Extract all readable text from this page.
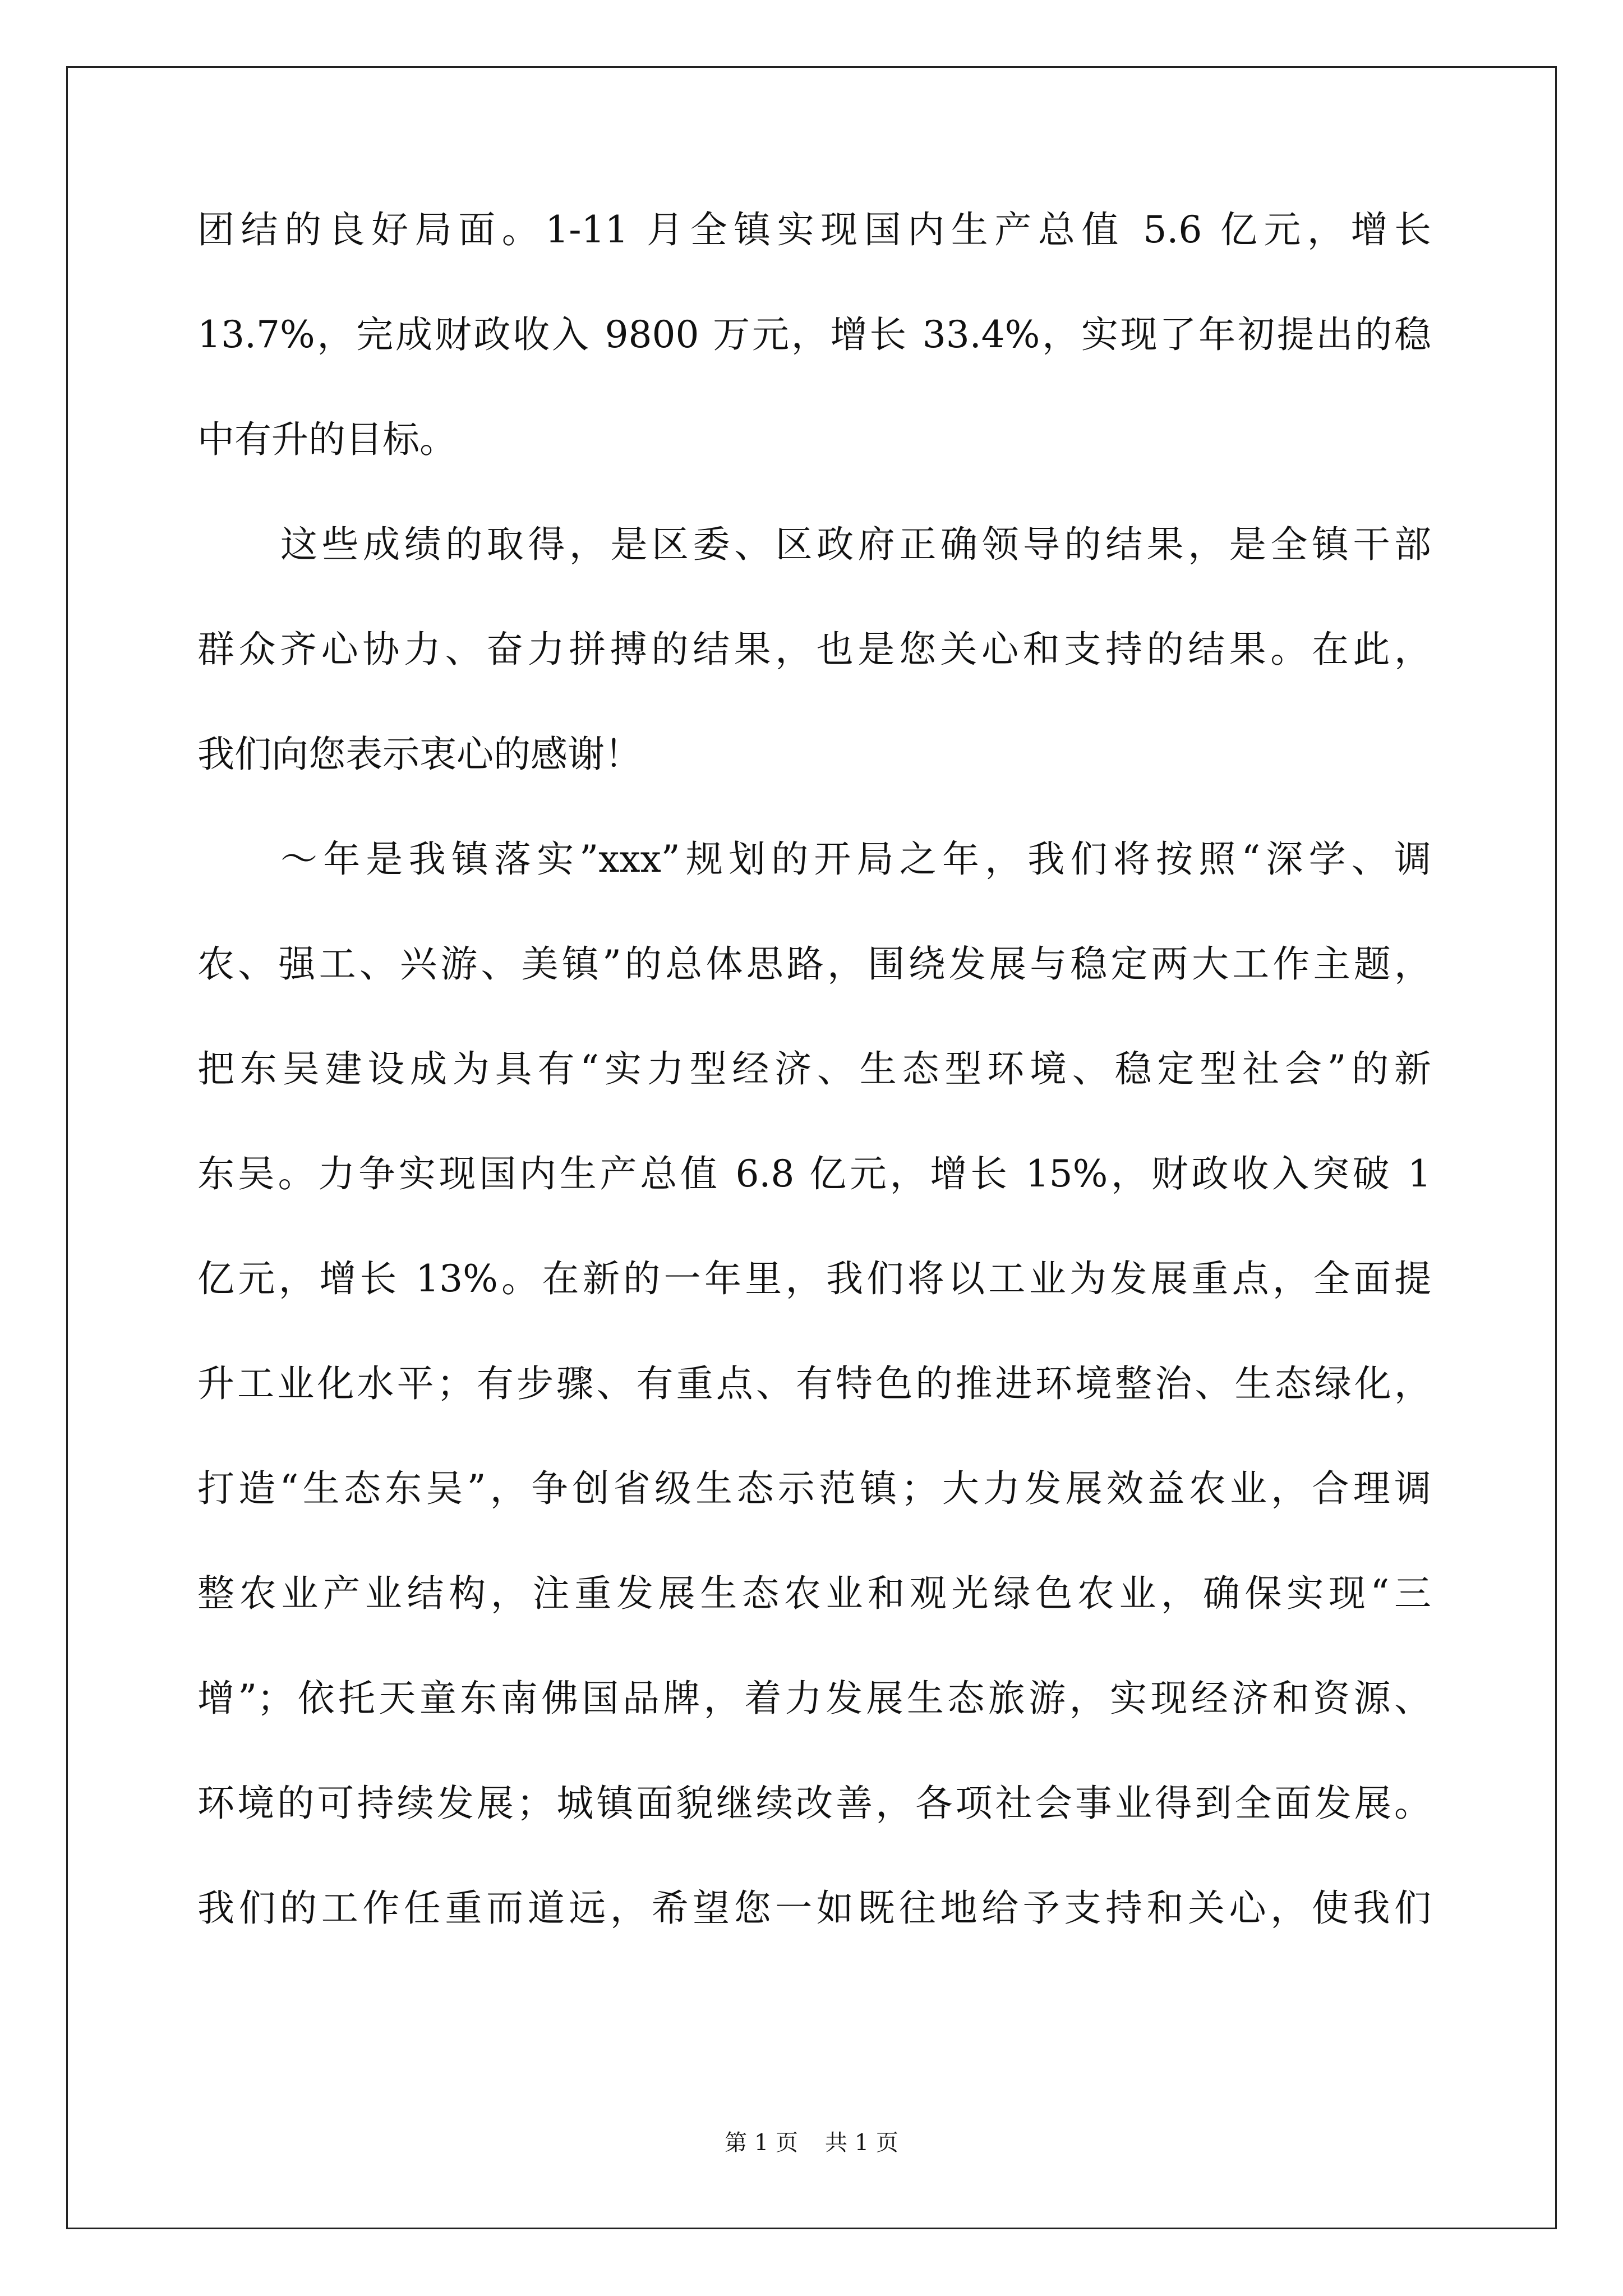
团结的良好局面。1-11 月全镇实现国内生产总值 5.6 亿元，增长
13.7%，完成财政收入 9800 万元，增长 33.4%，实现了年初提出的稳
中有升的目标。
这些成绩的取得，是区委、区政府正确领导的结果，是全镇干部
群众齐心协力、奋力拼搏的结果，也是您关心和支持的结果。在此，
我们向您表示衷心的感谢！
～年是我镇落实”xxx”规划的开局之年，我们将按照“深学、调
农、强工、兴游、美镇”的总体思路，围绕发展与稳定两大工作主题，
把东吴建设成为具有“实力型经济、生态型环境、稳定型社会”的新
东吴。力争实现国内生产总值 6.8 亿元，增长 15%，财政收入突破 1
亿元，增长 13%。在新的一年里，我们将以工业为发展重点，全面提
升工业化水平；有步骤、有重点、有特色的推进环境整治、生态绿化，
打造“生态东吴”，争创省级生态示范镇；大力发展效益农业，合理调
整农业产业结构，注重发展生态农业和观光绿色农业，确保实现“三
增”；依托天童东南佛国品牌，着力发展生态旅游，实现经济和资源、
环境的可持续发展；城镇面貌继续改善，各项社会事业得到全面发展。
我们的工作任重而道远，希望您一如既往地给予支持和关心，使我们
第 1 页 共 1 页
